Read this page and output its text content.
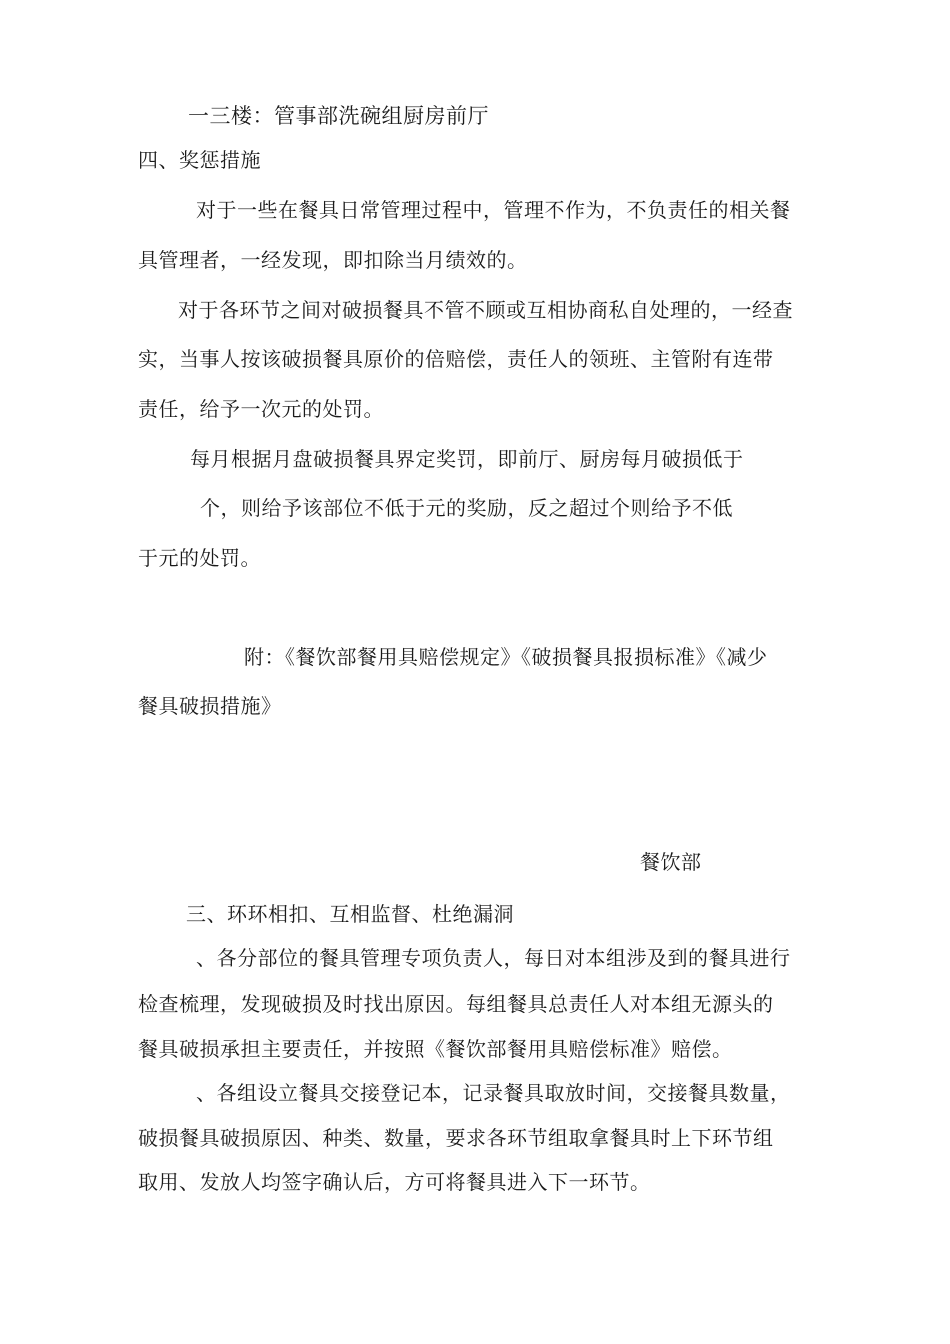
一三楼：管事部洗碗组厨房前厅
四、奖惩措施
对于一些在餐具日常管理过程中，管理不作为，不负责任的相关餐
具管理者，一经发现，即扣除当月绩效的。
对于各环节之间对破损餐具不管不顾或互相协商私自处理的，一经查
实，当事人按该破损餐具原价的倍赔偿，责任人的领班、主管附有连带
责任，给予一次元的处罚。
每月根据月盘破损餐具界定奖罚，即前厅、厨房每月破损低于
个，则给予该部位不低于元的奖励，反之超过个则给予不低
于元的处罚。
附：《餐饮部餐用具赔偿规定》《破损餐具报损标准》《减少
餐具破损措施》
餐饮部
三、环环相扣、互相监督、杜绝漏洞
、各分部位的餐具管理专项负责人，每日对本组涉及到的餐具进行
检查梳理，发现破损及时找出原因。每组餐具总责任人对本组无源头的
餐具破损承担主要责任，并按照《餐饮部餐用具赔偿标准》赔偿。
、各组设立餐具交接登记本，记录餐具取放时间，交接餐具数量，
破损餐具破损原因、种类、数量，要求各环节组取拿餐具时上下环节组
取用、发放人均签字确认后，方可将餐具进入下一环节。
